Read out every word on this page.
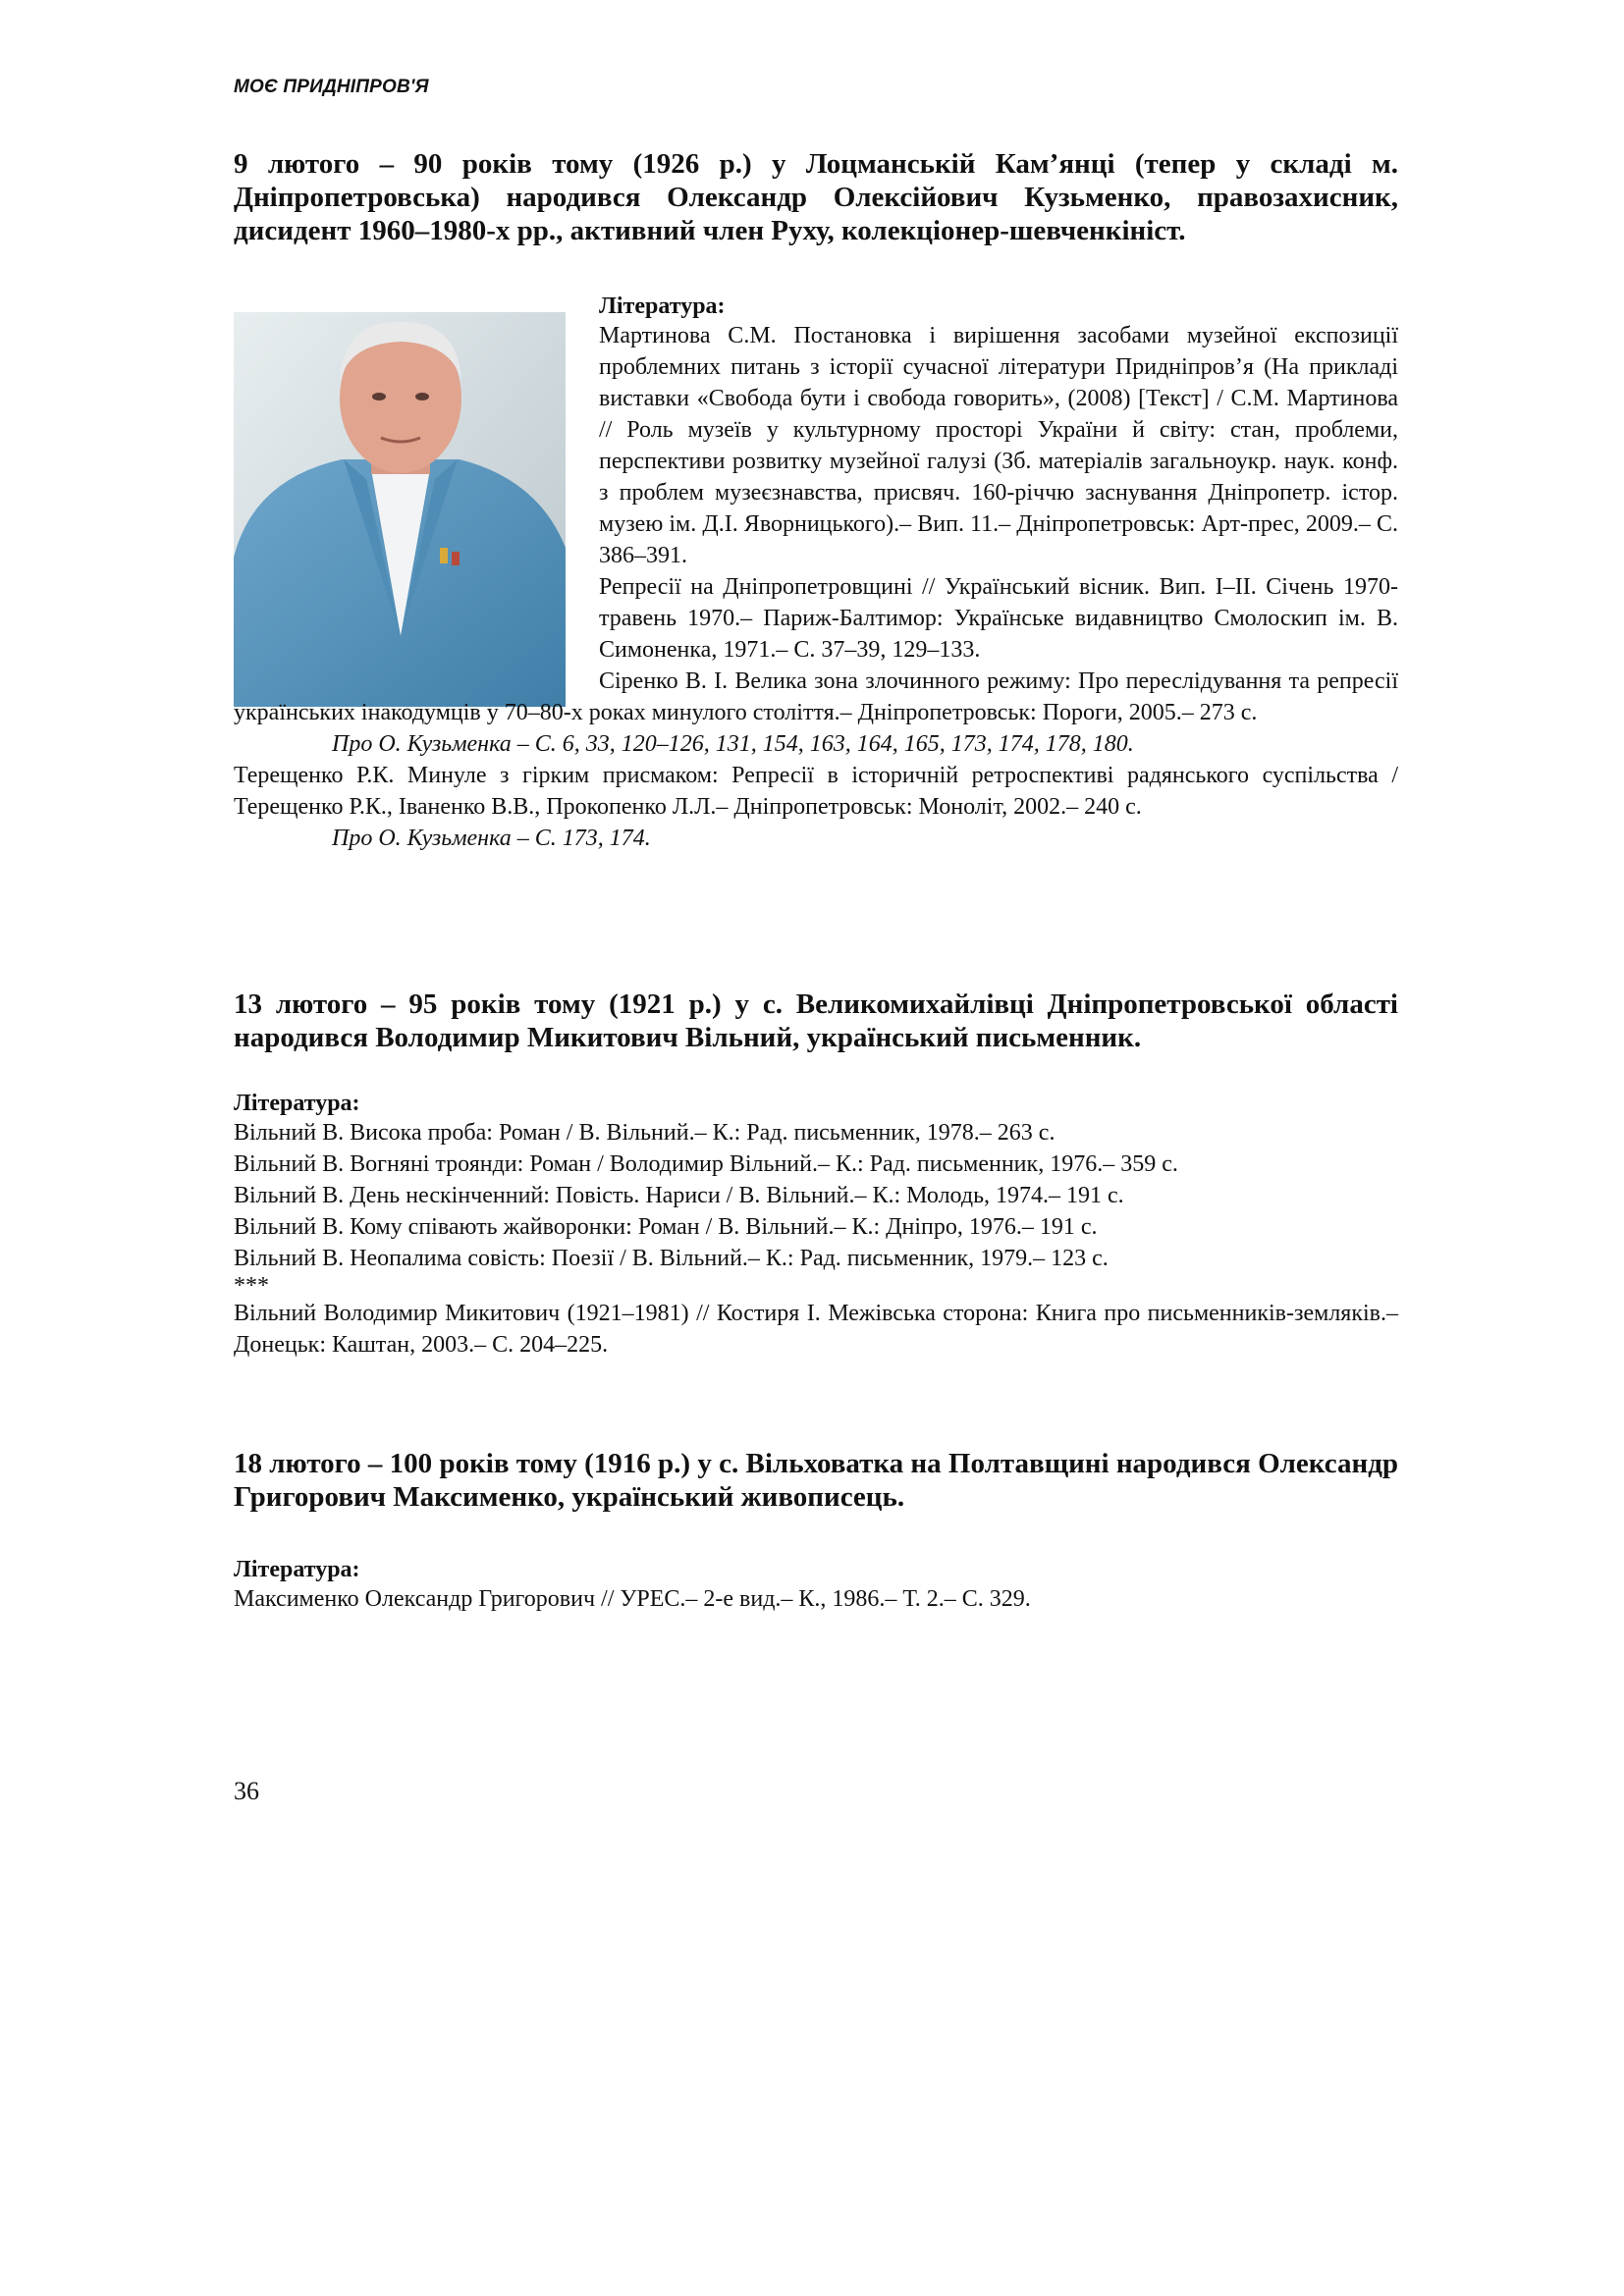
МОЄ ПРИДНІПРОВ'Я
9 лютого – 90 років тому (1926 р.) у Лоцманській Кам’янці (тепер у складі м. Дніпропетровська) народився Олександр Олексійович Кузьменко, правозахисник, дисидент 1960–1980-х рр., активний член Руху, колекціонер-шевченкініст.

Література:

Мартинова С.М. Постановка і вирішення засобами музейної експозиції проблемних питань з історії сучасної літератури Придніпров’я (На прикладі виставки «Свобода бути і свобода говорить», (2008) [Текст] / С.М. Мартинова // Роль музеїв у культурному просторі України й світу: стан, проблеми, перспективи розвитку музейної галузі (Зб. матеріалів загальноукр. наук. конф. з проблем музеєзнавства, присвяч. 160-річчю заснування Дніпропетр. істор. музею ім. Д.І. Яворницького).– Вип. 11.– Дніпропетровськ: Арт-прес, 2009.– С. 386–391.

Репресії на Дніпропетровщині // Український вісник. Вип. I–II. Січень 1970-травень 1970.– Париж-Балтимор: Українське видавництво Смолоскип ім. В. Симоненка, 1971.– С. 37–39, 129–133.

Сіренко В. І. Велика зона злочинного режиму: Про переслідування та репресії українських інакодумців у 70–80-х роках минулого століття.– Дніпропетровськ: Пороги, 2005.– 273 с.

Про О. Кузьменка – С. 6, 33, 120–126, 131, 154, 163, 164, 165, 173, 174, 178, 180.

Терещенко Р.К. Минуле з гірким присмаком: Репресії в історичній ретроспективі радянського суспільства / Терещенко Р.К., Іваненко В.В., Прокопенко Л.Л.– Дніпропетровськ: Моноліт, 2002.– 240 с.

Про О. Кузьменка – С. 173, 174.

13 лютого – 95 років тому (1921 р.) у с. Великомихайлівці Дніпропетровської області народився Володимир Микитович Вільний, український письменник.

Література:

Вільний В. Висока проба: Роман / В. Вільний.– К.: Рад. письменник, 1978.– 263 с.

Вільний В. Вогняні троянди: Роман / Володимир Вільний.– К.: Рад. письменник, 1976.– 359 с.

Вільний В. День нескінченний: Повість. Нариси / В. Вільний.– К.: Молодь, 1974.– 191 с.

Вільний В. Кому співають жайворонки: Роман / В. Вільний.– К.: Дніпро, 1976.– 191 с.

Вільний В. Неопалима совість: Поезії / В. Вільний.– К.: Рад. письменник, 1979.– 123 с.

***

Вільний Володимир Микитович (1921–1981) // Костиря І. Межівська сторона: Книга про письменників-земляків.– Донецьк: Каштан, 2003.– С. 204–225.

18 лютого – 100 років тому (1916 р.) у с. Вільховатка на Полтавщині народився Олександр Григорович Максименко, український живописець.

Література:

Максименко Олександр Григорович // УРЕС.– 2-е вид.– К., 1986.– Т. 2.– С. 329.

36
